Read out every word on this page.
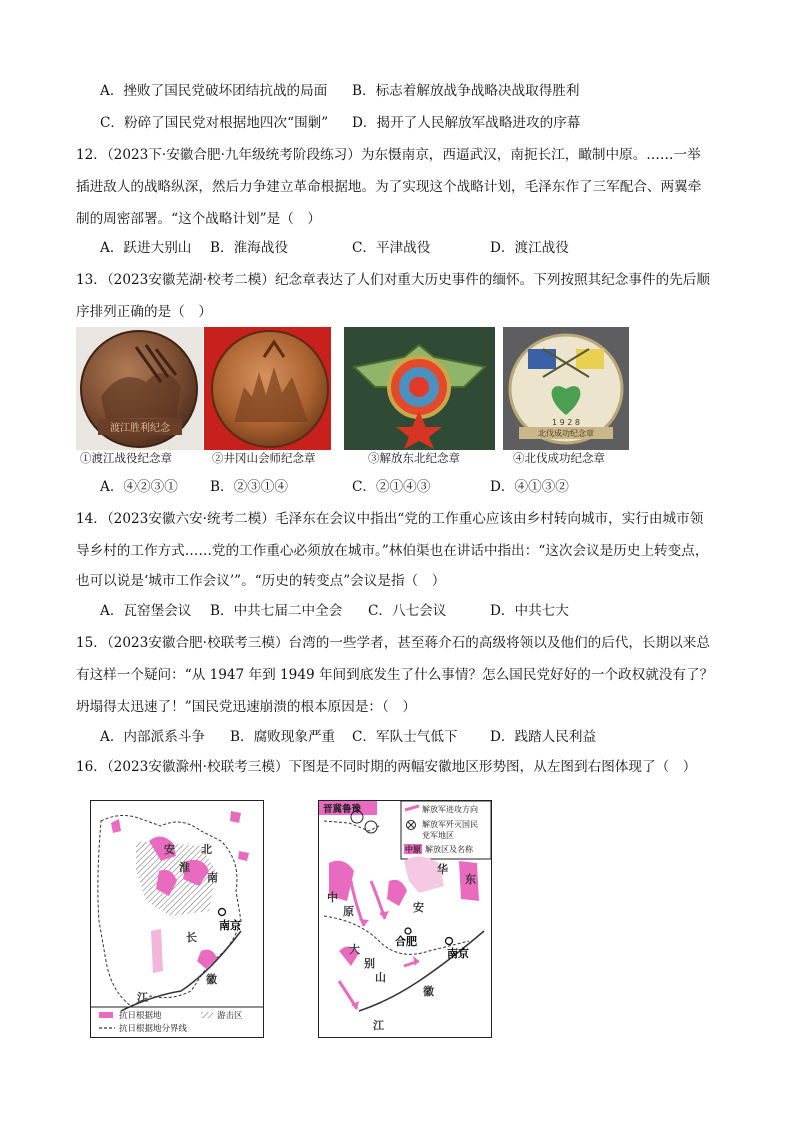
A．挫败了国民党破坏团结抗战的局面 B．标志着解放战争战略决战取得胜利
C．粉碎了国民党对根据地四次“围剿” D．揭开了人民解放军战略进攻的序幕
12．（2023下·安徽合肥·九年级统考阶段练习）为东慑南京，西逼武汉，南扼长江，瞰制中原。……一举
插进敌人的战略纵深，然后力争建立革命根据地。为了实现这个战略计划，毛泽东作了三军配合、两翼牵
制的周密部署。“这个战略计划”是（　）
A．跃进大别山 B．淮海战役	C．平津战役	D．渡江战役
13．（2023安徽芜湖·校考二模）纪念章表达了人们对重大历史事件的缅怀。下列按照其纪念事件的先后顺
序排列正确的是（　）
渡江胜利纪念
1 9 2 8
北伐成功纪念章
①渡江战役纪念章	②井冈山会师纪念章	③解放东北纪念章	④北伐成功纪念章
A．④②③① B．②③①④	C．②①④③	D．④①③②
14．（2023安徽六安·统考二模）毛泽东在会议中指出“党的工作重心应该由乡村转向城市，实行由城市领
导乡村的工作方式……党的工作重心必须放在城市。”林伯渠也在讲话中指出：“这次会议是历史上转变点，
也可以说是‘城市工作会议’”。“历史的转变点”会议是指（　）
A．瓦窑堡会议 B．中共七届二中全会 C．八七会议	D．中共七大
15．（2023安徽合肥·校联考三模）台湾的一些学者，甚至蒋介石的高级将领以及他们的后代，长期以来总
有这样一个疑问：“从 1947 年到 1949 年间到底发生了什么事情？怎么国民党好好的一个政权就没有了？
坍塌得太迅速了！”国民党迅速崩溃的根本原因是：（　）
A．内部派系斗争 B．腐败现象严重 C．军队士气低下 D．践踏人民利益
16．（2023安徽滁州·校联考三模）下图是不同时期的两幅安徽地区形势图，从左图到右图体现了（　）
安 北
淮
南
南京
长
江
徽
抗日根据地	游击区
抗日根据地分界线
晋冀鲁豫	解放军进攻方向
解放军歼灭国民
党军地区
中原 解放区及名称
华
东
中
原	安
合肥
大
别
山
南京
徽
江
